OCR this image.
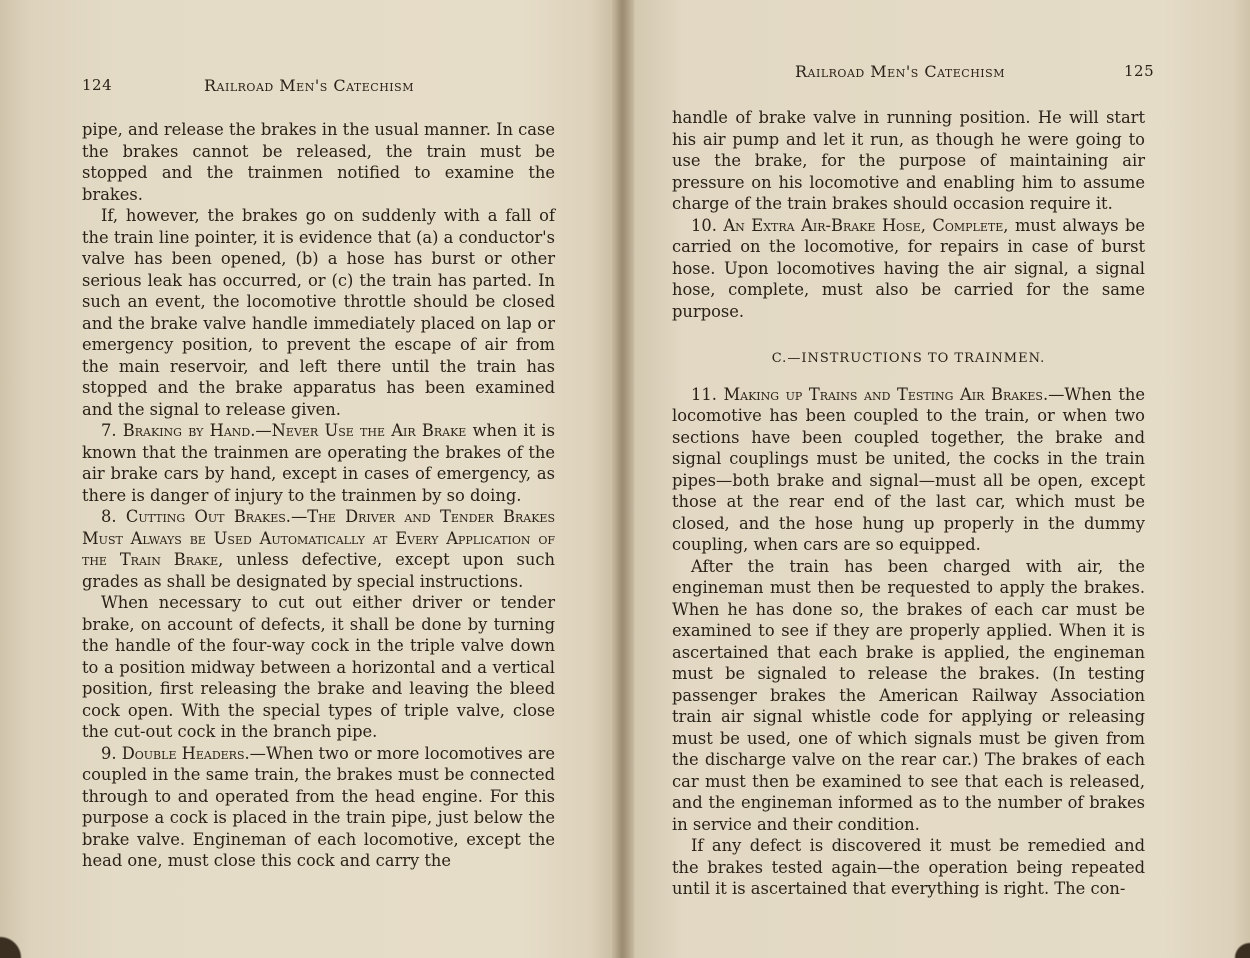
124	Railroad Men's Catechism

pipe, and release the brakes in the usual manner. In case the brakes cannot be released, the train must be stopped and the trainmen notified to examine the brakes.

If, however, the brakes go on suddenly with a fall of the train line pointer, it is evidence that (a) a conductor's valve has been opened, (b) a hose has burst or other serious leak has occurred, or (c) the train has parted. In such an event, the locomotive throttle should be closed and the brake valve handle immediately placed on lap or emergency position, to prevent the escape of air from the main reservoir, and left there until the train has stopped and the brake apparatus has been examined and the signal to release given.

7. Braking by Hand.—Never Use the Air Brake when it is known that the trainmen are operating the brakes of the air brake cars by hand, except in cases of emergency, as there is danger of injury to the trainmen by so doing.

8. Cutting Out Brakes.—The Driver and Tender Brakes Must Always be Used Automatically at Every Application of the Train Brake, unless defective, except upon such grades as shall be designated by special instructions.

When necessary to cut out either driver or tender brake, on account of defects, it shall be done by turning the handle of the four-way cock in the triple valve down to a position midway between a horizontal and a vertical position, first releasing the brake and leaving the bleed cock open. With the special types of triple valve, close the cut-out cock in the branch pipe.

9. Double Headers.—When two or more locomotives are coupled in the same train, the brakes must be connected through to and operated from the head engine. For this purpose a cock is placed in the train pipe, just below the brake valve. Engineman of each locomotive, except the head one, must close this cock and carry the

Railroad Men's Catechism	125

handle of brake valve in running position. He will start his air pump and let it run, as though he were going to use the brake, for the purpose of maintaining air pressure on his locomotive and enabling him to assume charge of the train brakes should occasion require it.

10. An Extra Air-Brake Hose, Complete, must always be carried on the locomotive, for repairs in case of burst hose. Upon locomotives having the air signal, a signal hose, complete, must also be carried for the same purpose.

C.—INSTRUCTIONS TO TRAINMEN.

11. Making up Trains and Testing Air Brakes.—When the locomotive has been coupled to the train, or when two sections have been coupled together, the brake and signal couplings must be united, the cocks in the train pipes—both brake and signal—must all be open, except those at the rear end of the last car, which must be closed, and the hose hung up properly in the dummy coupling, when cars are so equipped.

After the train has been charged with air, the engineman must then be requested to apply the brakes. When he has done so, the brakes of each car must be examined to see if they are properly applied. When it is ascertained that each brake is applied, the engineman must be signaled to release the brakes. (In testing passenger brakes the American Railway Association train air signal whistle code for applying or releasing must be used, one of which signals must be given from the discharge valve on the rear car.) The brakes of each car must then be examined to see that each is released, and the engineman informed as to the number of brakes in service and their condition.

If any defect is discovered it must be remedied and the brakes tested again—the operation being repeated until it is ascertained that everything is right. The con-
